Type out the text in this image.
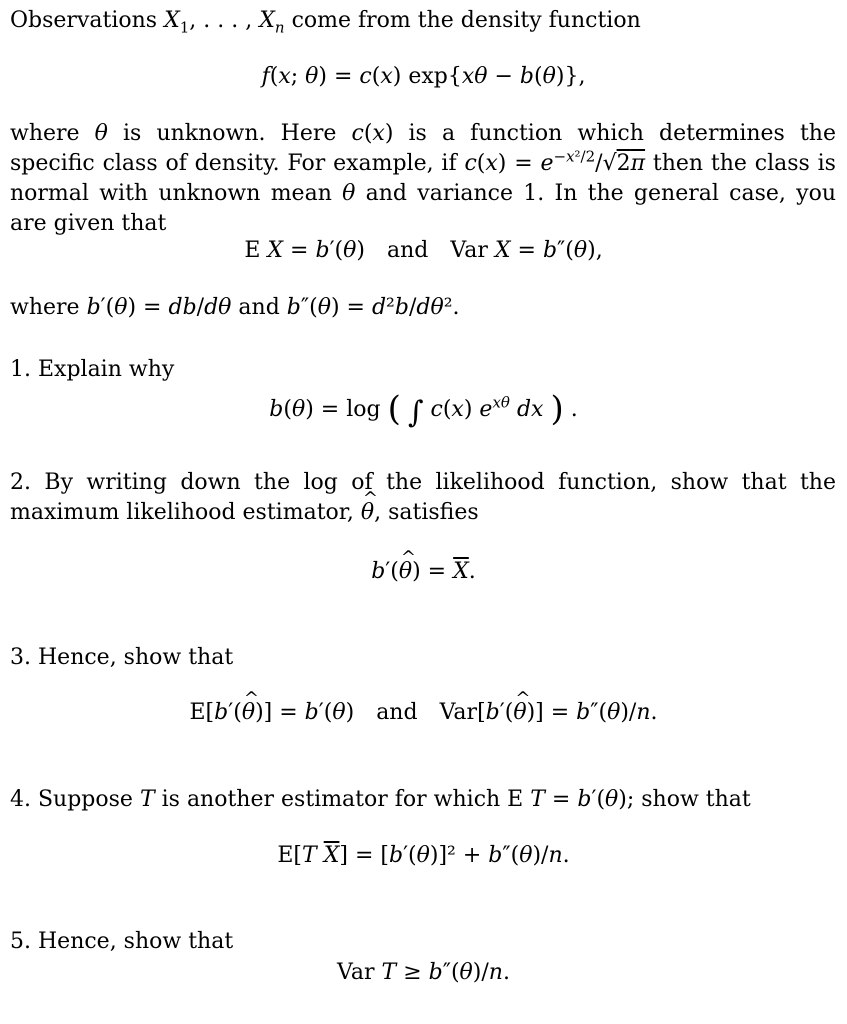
Observations $X_1$, . . . , $X_n$ come from the density function
f(x; θ) = c(x) exp{xθ − b(θ)},
where θ is unknown. Here c(x) is a function which determines the specific class of density. For example, if $c(x) = e^{-x^2/2}/√2\pi$ then the class is normal with unknown mean θ and variance 1. In the general case, you are given that
E X = b′(θ) and Var X = b″(θ),
where b′(θ) = db/dθ and b″(θ) = d²b/dθ².
1. Explain why
b(θ) = log ( ∫ c(x) $e^{x\theta}$ dx ) .
2. By writing down the log of the likelihood function, show that the maximum likelihood estimator, ^ θ, satisfies
b′(^ $\theta) = \overline{X}$.
3. Hence, show that
E[b′(^ θ)] = b′(θ) and Var[b′(^ θ)] = b″(θ)/n.
4. Suppose T is another estimator for which E T = b′(θ); show that
E[T $\overline{X}] = [b'(\theta)]^2 + b''(\theta)/n$.
5. Hence, show that
Var T ≥ b″(θ)/n.
